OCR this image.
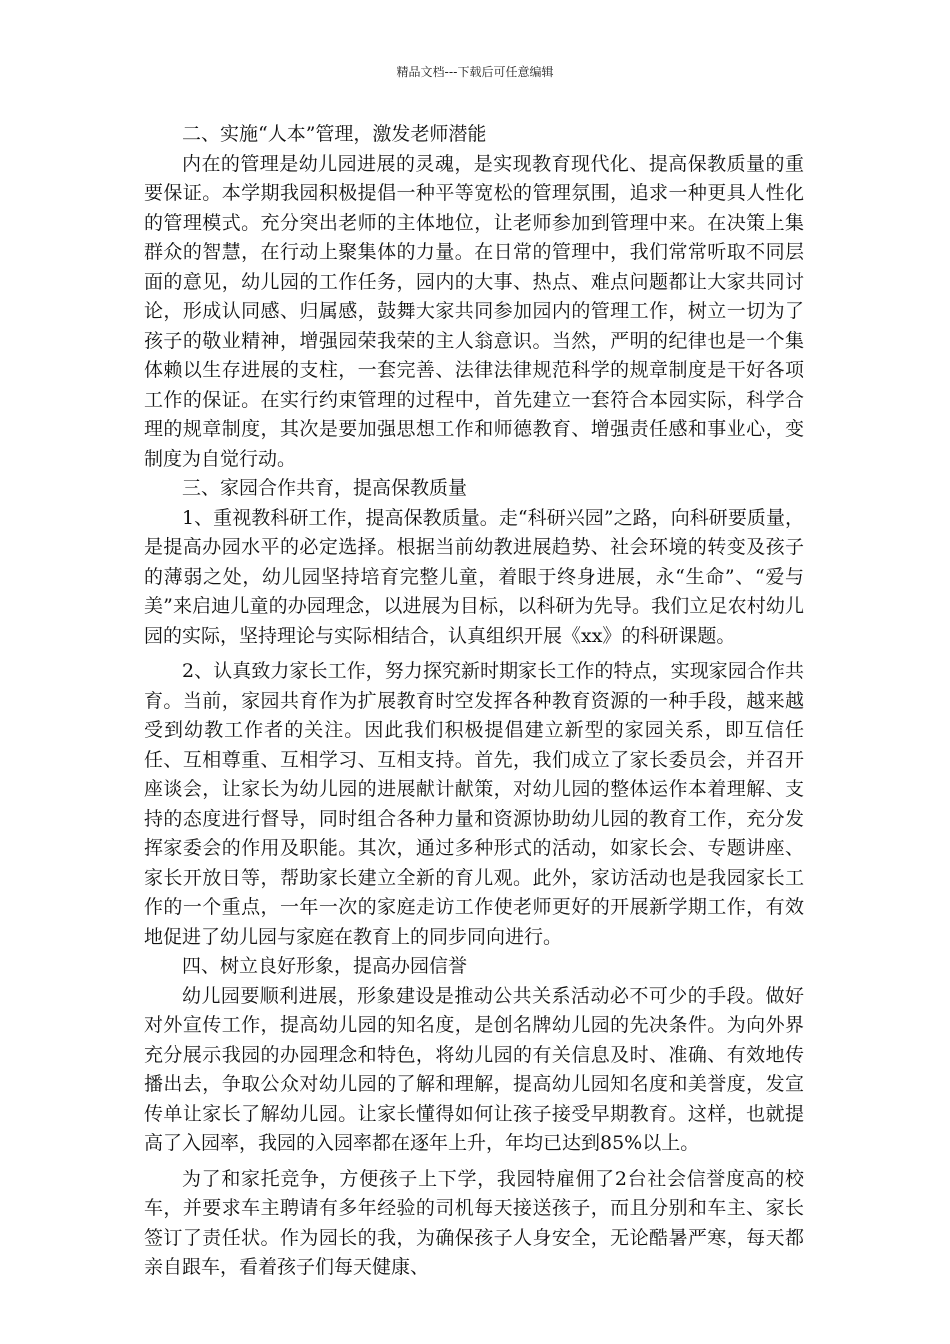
精品文档---下载后可任意编辑

二、实施“人本”管理，激发老师潜能

内在的管理是幼儿园进展的灵魂，是实现教育现代化、提高保教质量的重要保证。本学期我园积极提倡一种平等宽松的管理氛围，追求一种更具人性化的管理模式。充分突出老师的主体地位，让老师参加到管理中来。在决策上集群众的智慧，在行动上聚集体的力量。在日常的管理中，我们常常听取不同层面的意见，幼儿园的工作任务，园内的大事、热点、难点问题都让大家共同讨论，形成认同感、归属感，鼓舞大家共同参加园内的管理工作，树立一切为了孩子的敬业精神，增强园荣我荣的主人翁意识。当然，严明的纪律也是一个集体赖以生存进展的支柱，一套完善、法律法律规范科学的规章制度是干好各项工作的保证。在实行约束管理的过程中，首先建立一套符合本园实际，科学合理的规章制度，其次是要加强思想工作和师德教育、增强责任感和事业心，变制度为自觉行动。

三、家园合作共育，提高保教质量

1、重视教科研工作，提高保教质量。走“科研兴园”之路，向科研要质量，是提高办园水平的必定选择。根据当前幼教进展趋势、社会环境的转变及孩子的薄弱之处，幼儿园坚持培育完整儿童，着眼于终身进展，永“生命”、“爱与美”来启迪儿童的办园理念，以进展为目标，以科研为先导。我们立足农村幼儿园的实际，坚持理论与实际相结合，认真组织开展《xx》的科研课题。

2、认真致力家长工作，努力探究新时期家长工作的特点，实现家园合作共育。当前，家园共育作为扩展教育时空发挥各种教育资源的一种手段，越来越受到幼教工作者的关注。因此我们积极提倡建立新型的家园关系，即互信任任、互相尊重、互相学习、互相支持。首先，我们成立了家长委员会，并召开座谈会，让家长为幼儿园的进展献计献策，对幼儿园的整体运作本着理解、支持的态度进行督导，同时组合各种力量和资源协助幼儿园的教育工作，充分发挥家委会的作用及职能。其次，通过多种形式的活动，如家长会、专题讲座、家长开放日等，帮助家长建立全新的育儿观。此外，家访活动也是我园家长工作的一个重点，一年一次的家庭走访工作使老师更好的开展新学期工作，有效地促进了幼儿园与家庭在教育上的同步同向进行。

四、树立良好形象，提高办园信誉

幼儿园要顺利进展，形象建设是推动公共关系活动必不可少的手段。做好对外宣传工作，提高幼儿园的知名度，是创名牌幼儿园的先决条件。为向外界充分展示我园的办园理念和特色，将幼儿园的有关信息及时、准确、有效地传播出去，争取公众对幼儿园的了解和理解，提高幼儿园知名度和美誉度，发宣传单让家长了解幼儿园。让家长懂得如何让孩子接受早期教育。这样，也就提高了入园率，我园的入园率都在逐年上升，年均已达到85%以上。

为了和家托竞争，方便孩子上下学，我园特雇佣了2台社会信誉度高的校车，并要求车主聘请有多年经验的司机每天接送孩子，而且分别和车主、家长签订了责任状。作为园长的我，为确保孩子人身安全，无论酷暑严寒，每天都亲自跟车，看着孩子们每天健康、
